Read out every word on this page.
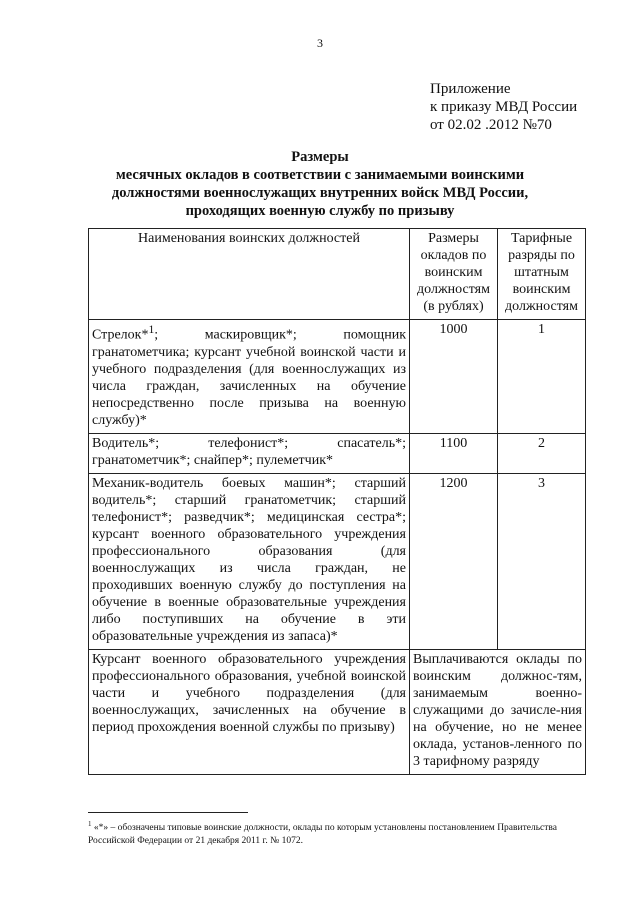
3
Приложение
к приказу МВД России
от 02.02 .2012 №70
Размеры
месячных окладов в соответствии с занимаемыми воинскими
должностями военнослужащих внутренних войск МВД России,
проходящих военную службу по призыву
Наименования воинских должностей	Размеры окладов по воинским должностям (в рублях)	Тарифные разряды по штатным воинским должностям
Стрелок*$^1$; маскировщик*; помощник гранатометчика; курсант учебной воинской части и учебного подразделения (для военнослужащих из числа граждан, зачисленных на обучение непосредственно после призыва на военную службу)*	1000	1
Водитель*; телефонист*; спасатель*; гранатометчик*; снайпер*; пулеметчик*	1100	2
Механик-водитель боевых машин*; старший водитель*; старший гранатометчик; старший телефонист*; разведчик*; медицинская сестра*; курсант военного образовательного учреждения профессионального образования (для военнослужащих из числа граждан, не проходивших военную службу до поступления на обучение в военные образовательные учреждения либо поступивших на обучение в эти образовательные учреждения из запаса)*	1200	3
Курсант военного образовательного учреждения профессионального образования, учебной воинской части и учебного подразделения (для военнослужащих, зачисленных на обучение в период прохождения военной службы по призыву)	Выплачиваются оклады по воинским должнос-тям, занимаемым военно-служащими до зачисле-ния на обучение, но не менее оклада, установ-ленного по 3 тарифному разряду	
$^1$ «*» – обозначены типовые воинские должности, оклады по которым установлены постановлением Правительства Российской Федерации от 21 декабря 2011 г. № 1072.
